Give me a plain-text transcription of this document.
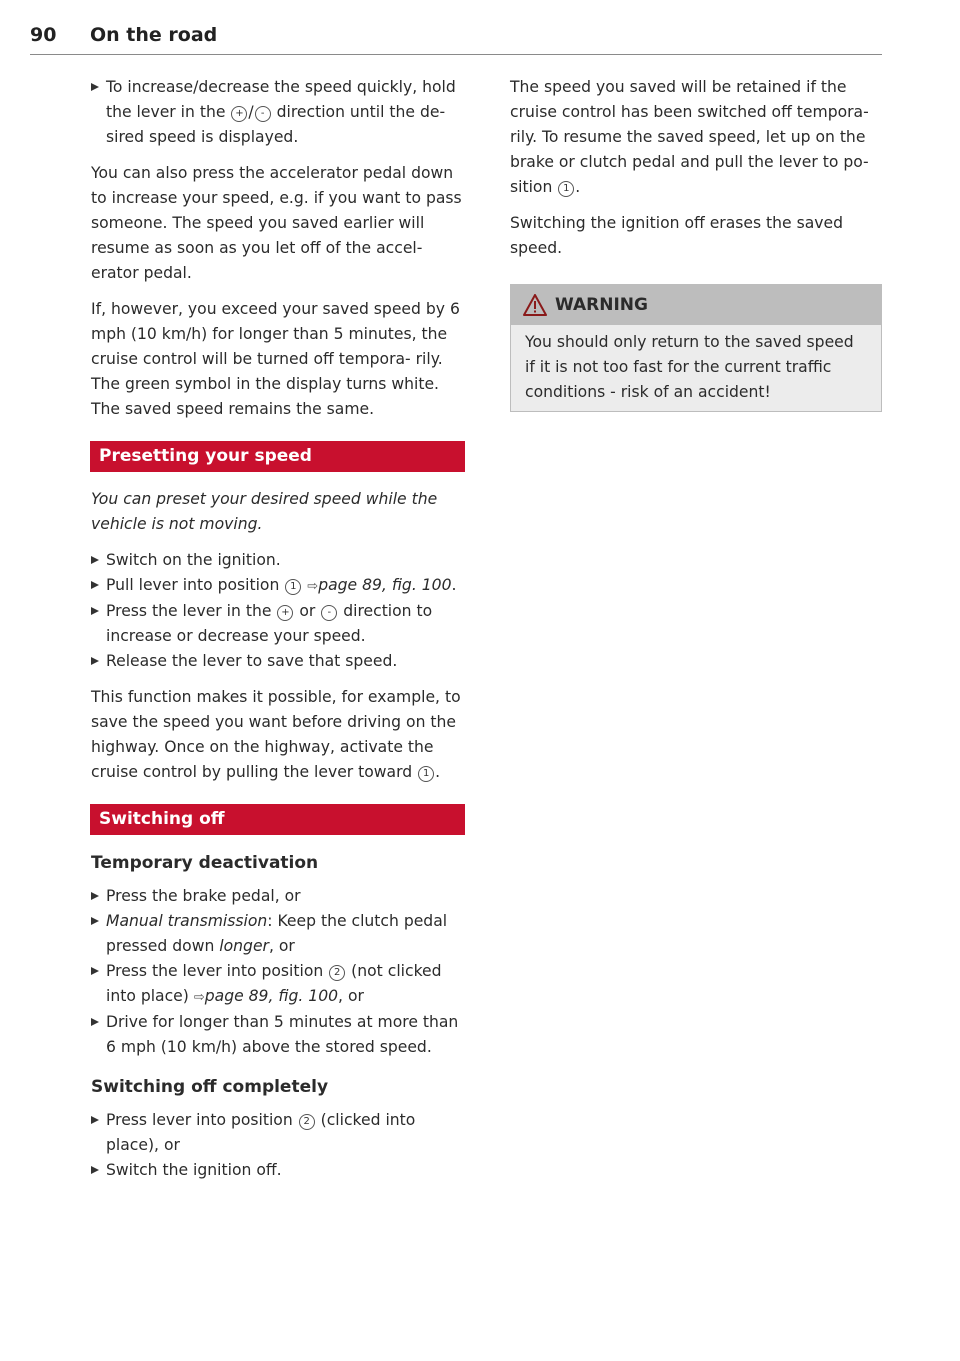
90 On the road
To increase/decrease the speed quickly, hold the lever in the + / - direction until the de- sired speed is displayed.

You can also press the accelerator pedal down to increase your speed, e.g. if you want to pass someone. The speed you saved earlier will resume as soon as you let off of the accel- erator pedal.

If, however, you exceed your saved speed by 6 mph (10 km/h) for longer than 5 minutes, the cruise control will be turned off tempora- rily. The green symbol in the display turns white. The saved speed remains the same.

Presetting your speed

You can preset your desired speed while the vehicle is not moving.

Switch on the ignition.
Pull lever into position 1 ⇨page 89, fig. 100.
Press the lever in the + or - direction to increase or decrease your speed.
Release the lever to save that speed.

This function makes it possible, for example, to save the speed you want before driving on the highway. Once on the highway, activate the cruise control by pulling the lever toward 1 .

Switching off
Temporary deactivation
Press the brake pedal, or
Manual transmission: Keep the clutch pedal pressed down longer, or
Press the lever into position 2 (not clicked into place) ⇨page 89, fig. 100, or
Drive for longer than 5 minutes at more than 6 mph (10 km/h) above the stored speed.
Switching off completely
Press lever into position 2 (clicked into place), or
Switch the ignition off.

The speed you saved will be retained if the cruise control has been switched off tempora- rily. To resume the saved speed, let up on the brake or clutch pedal and pull the lever to po- sition 1 .

Switching the ignition off erases the saved speed.

WARNING
You should only return to the saved speed if it is not too fast for the current traffic conditions - risk of an accident!
